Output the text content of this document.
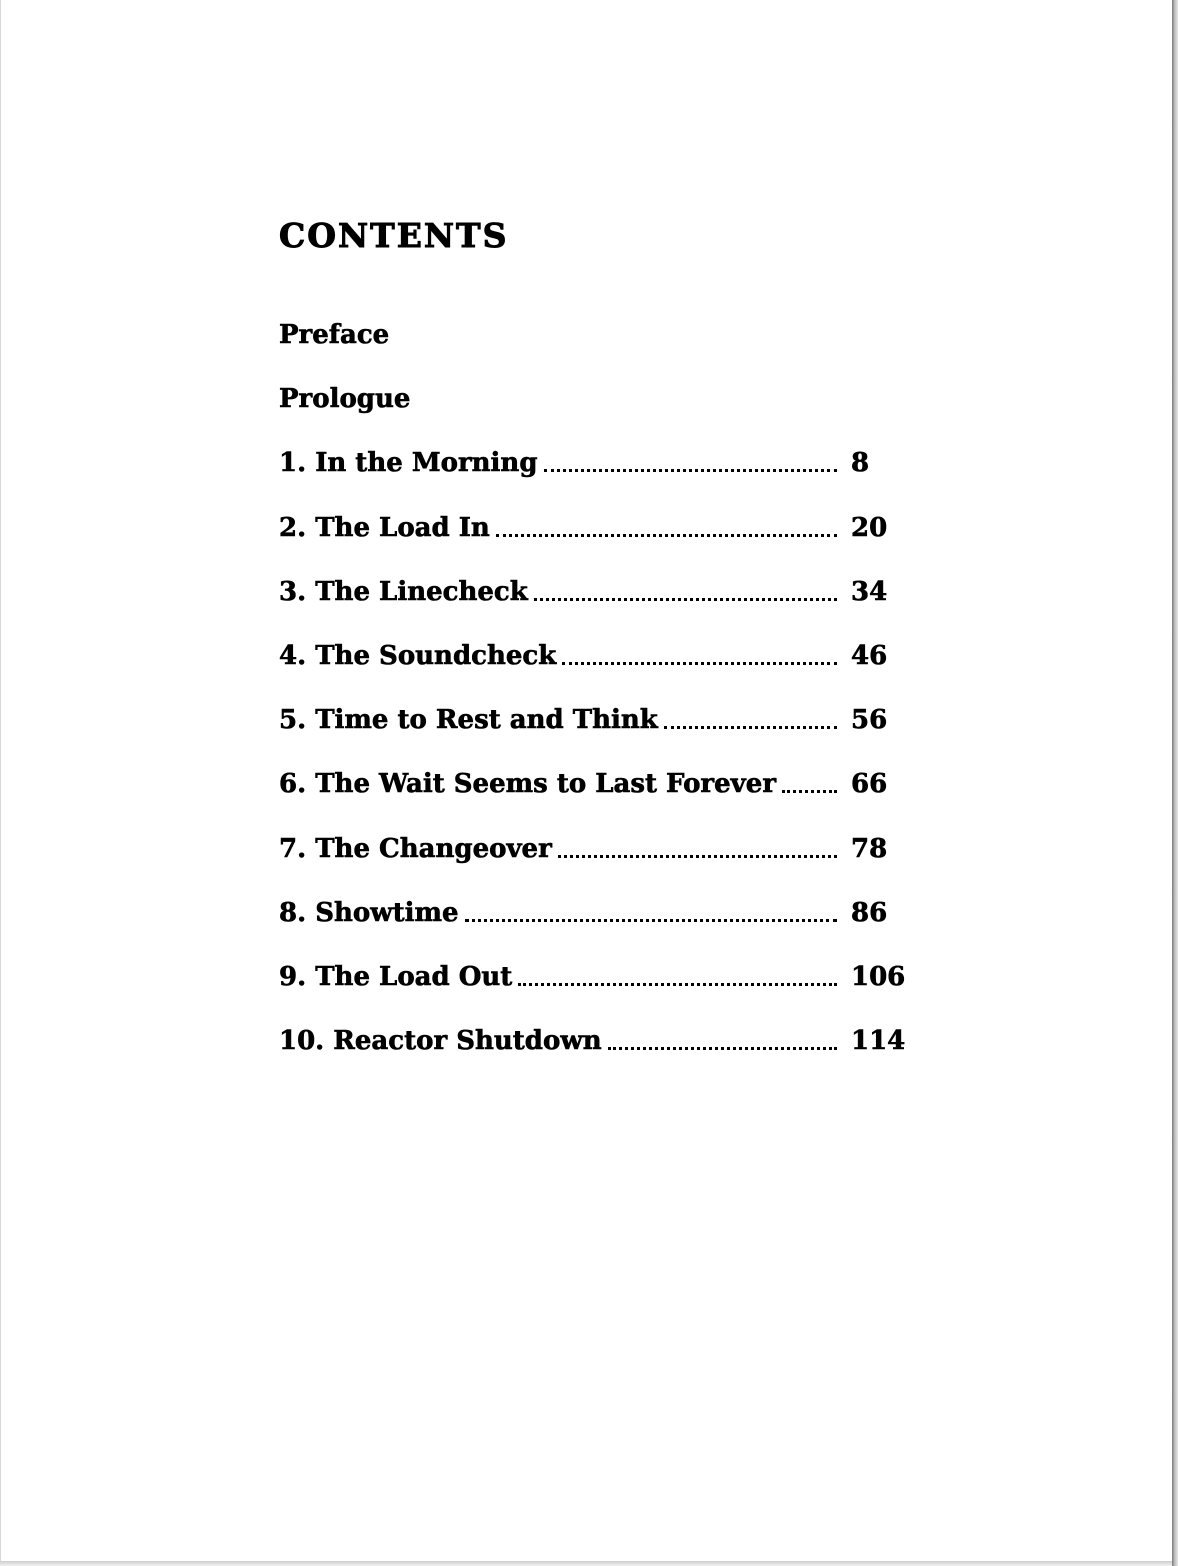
CONTENTS
Preface
Prologue
1. In the Morning	8
2. The Load In	20
3. The Linecheck	34
4. The Soundcheck	46
5. Time to Rest and Think	56
6. The Wait Seems to Last Forever	66
7. The Changeover	78
8. Showtime	86
9. The Load Out	106
10. Reactor Shutdown	114
